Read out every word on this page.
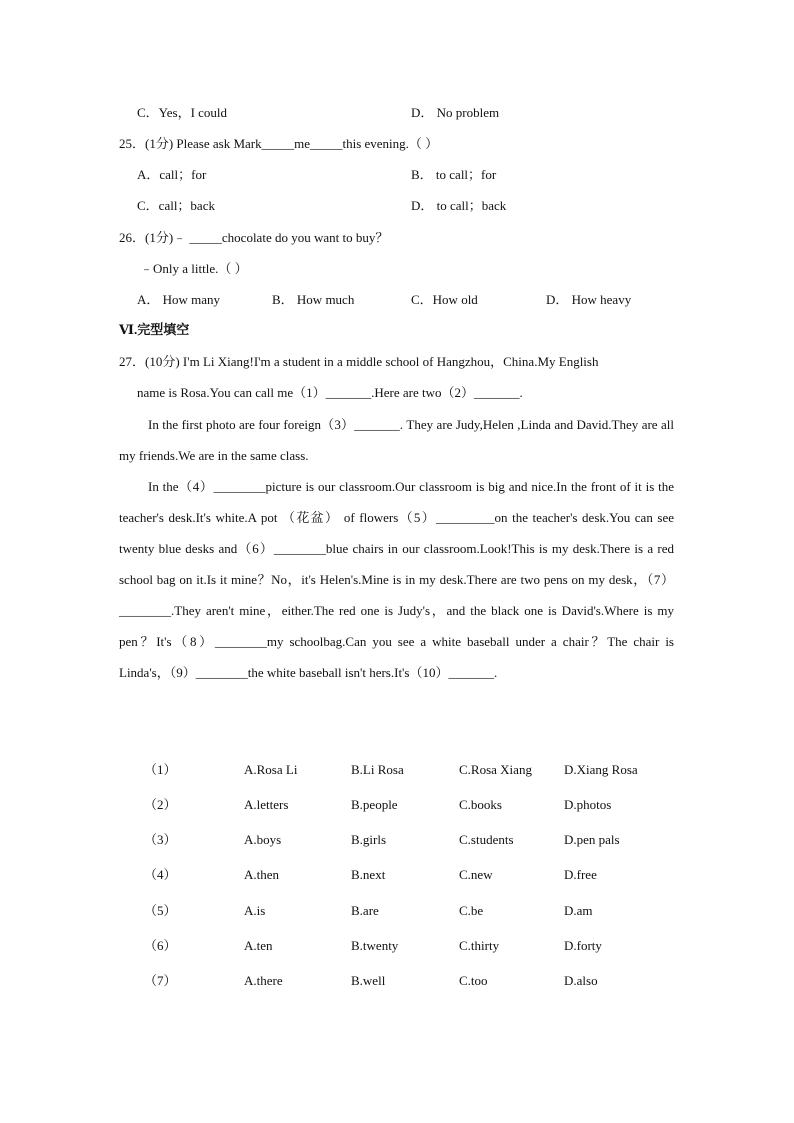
C．Yes，I could	D． No problem
25．(1分) Please ask Mark_____me_____this evening.（ ）
A．call；for	B． to call；for
C．call；back	D． to call；back
26．(1分)﹣ _____chocolate do you want to buy？
﹣Only a little.（ ）
A． How many	B． How much	C．How old	D． How heavy
Ⅵ.完型填空
27．(10分) I'm Li Xiang!I'm a student in a middle school of Hangzhou，China.My English
name is Rosa.You can call me（1）_______.Here are two（2）_______.

In the first photo are four foreign（3）_______. They are Judy,Helen ,Linda and David.They are all my friends.We are in the same class.

In the（4）________picture is our classroom.Our classroom is big and nice.In the front of it is the teacher's desk.It's white.A pot （花盆） of flowers（5）_________on the teacher's desk.You can see twenty blue desks and（6）________blue chairs in our classroom.Look!This is my desk.There is a red school bag on it.Is it mine？No，it's Helen's.Mine is in my desk.There are two pens on my desk，（7）________.They aren't mine，either.The red one is Judy's，and the black one is David's.Where is my pen？It's（8）________my schoolbag.Can you see a white baseball under a chair？The chair is Linda's，（9）________the white baseball isn't hers.It's（10）_______.

（1）	A.Rosa Li	B.Li Rosa	C.Rosa Xiang D.Xiang Rosa
（2）	A.letters	B.people	C.books	D.photos
（3）	A.boys	B.girls	C.students	D.pen pals
（4）	A.then	B.next	C.new	D.free
（5）	A.is	B.are	C.be	D.am
（6）	A.ten	B.twenty	C.thirty	D.forty
（7）	A.there	B.well	C.too	D.also
